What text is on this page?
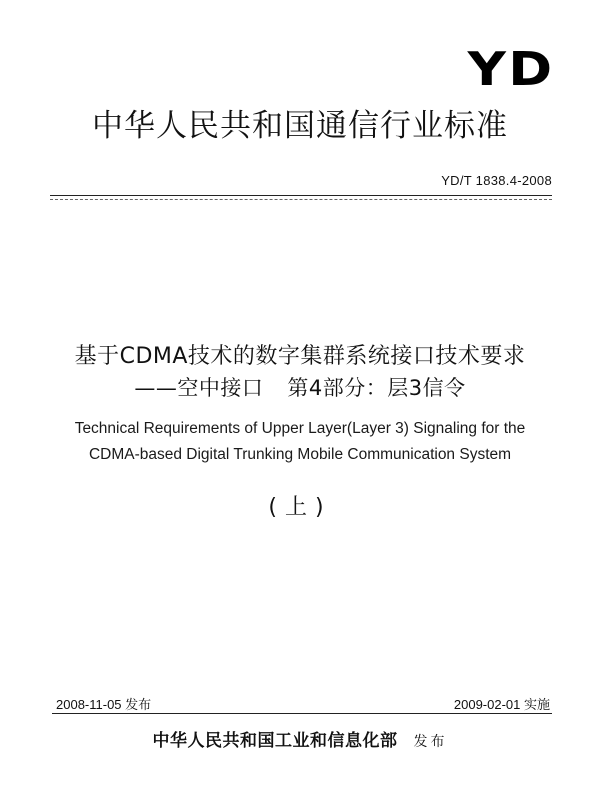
YD
中华人民共和国通信行业标准
YD/T 1838.4-2008
基于CDMA技术的数字集群系统接口技术要求
——空中接口 第4部分：层3信令
Technical Requirements of Upper Layer(Layer 3) Signaling for the
CDMA-based Digital Trunking Mobile Communication System
(上)
2008-11-05 发布	2009-02-01 实施
中华人民共和国工业和信息化部 发布
